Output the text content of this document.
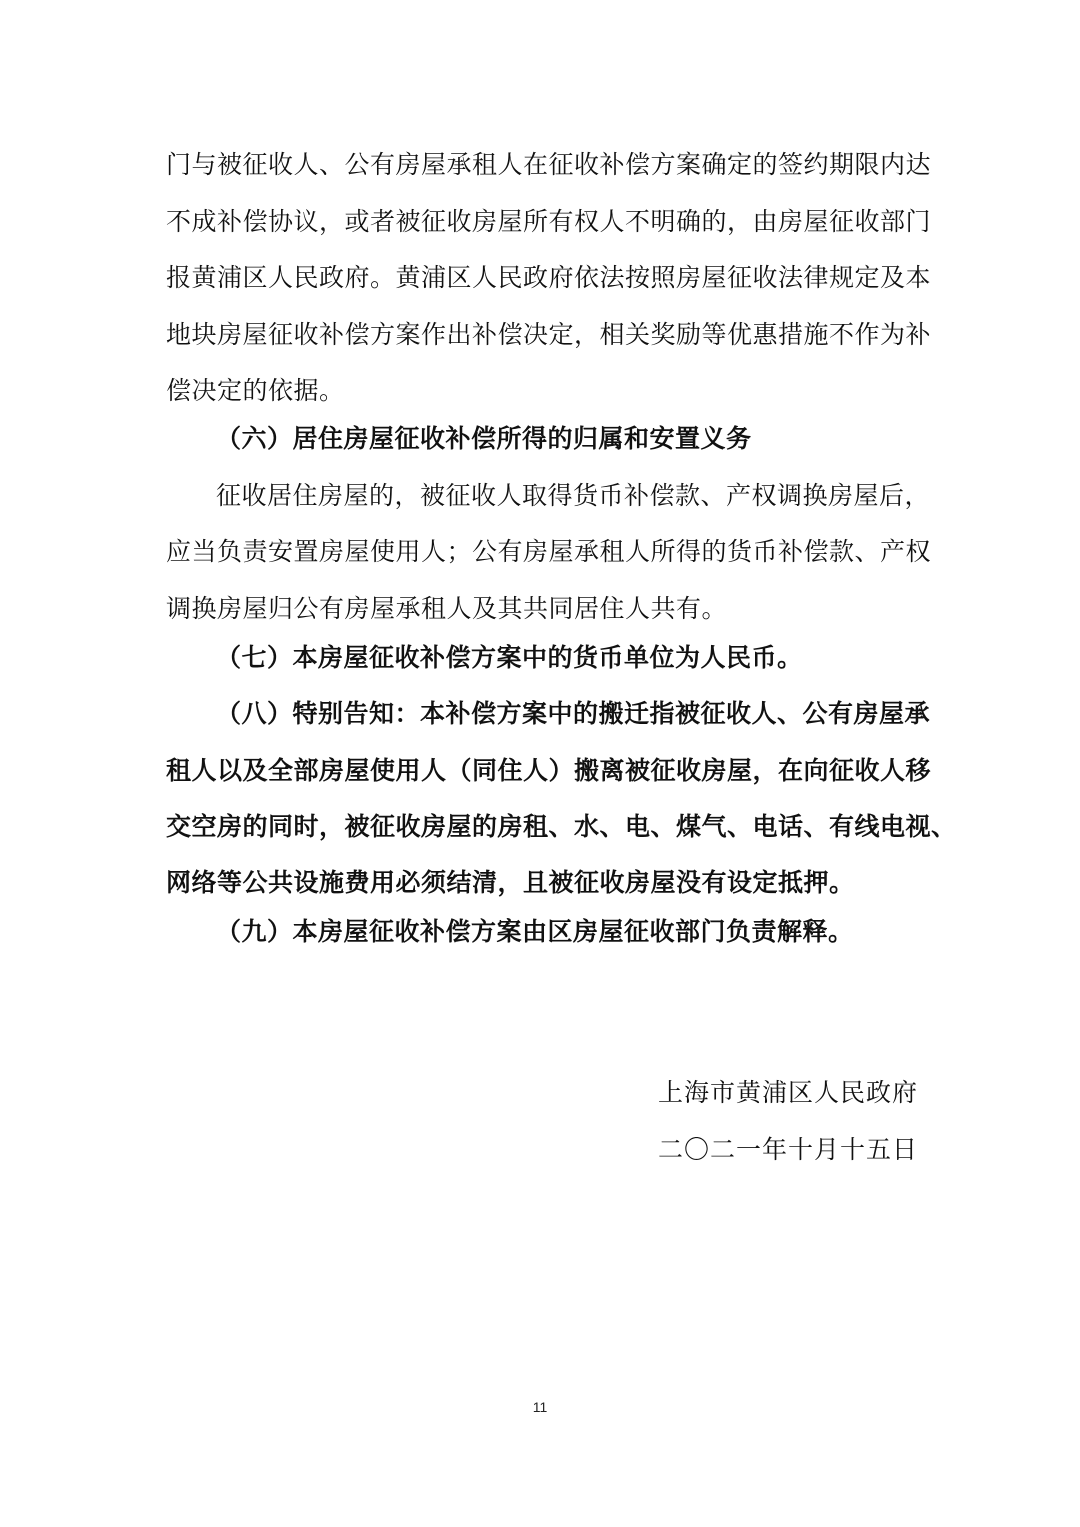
门与被征收人、公有房屋承租人在征收补偿方案确定的签约期限内达
不成补偿协议，或者被征收房屋所有权人不明确的，由房屋征收部门
报黄浦区人民政府。黄浦区人民政府依法按照房屋征收法律规定及本
地块房屋征收补偿方案作出补偿决定，相关奖励等优惠措施不作为补
偿决定的依据。
（六）居住房屋征收补偿所得的归属和安置义务
征收居住房屋的，被征收人取得货币补偿款、产权调换房屋后，
应当负责安置房屋使用人；公有房屋承租人所得的货币补偿款、产权
调换房屋归公有房屋承租人及其共同居住人共有。
（七）本房屋征收补偿方案中的货币单位为人民币。
（八）特别告知：本补偿方案中的搬迁指被征收人、公有房屋承
租人以及全部房屋使用人（同住人）搬离被征收房屋，在向征收人移
交空房的同时，被征收房屋的房租、水、电、煤气、电话、有线电视、
网络等公共设施费用必须结清，且被征收房屋没有设定抵押。
（九）本房屋征收补偿方案由区房屋征收部门负责解释。
上海市黄浦区人民政府
二〇二一年十月十五日
11
